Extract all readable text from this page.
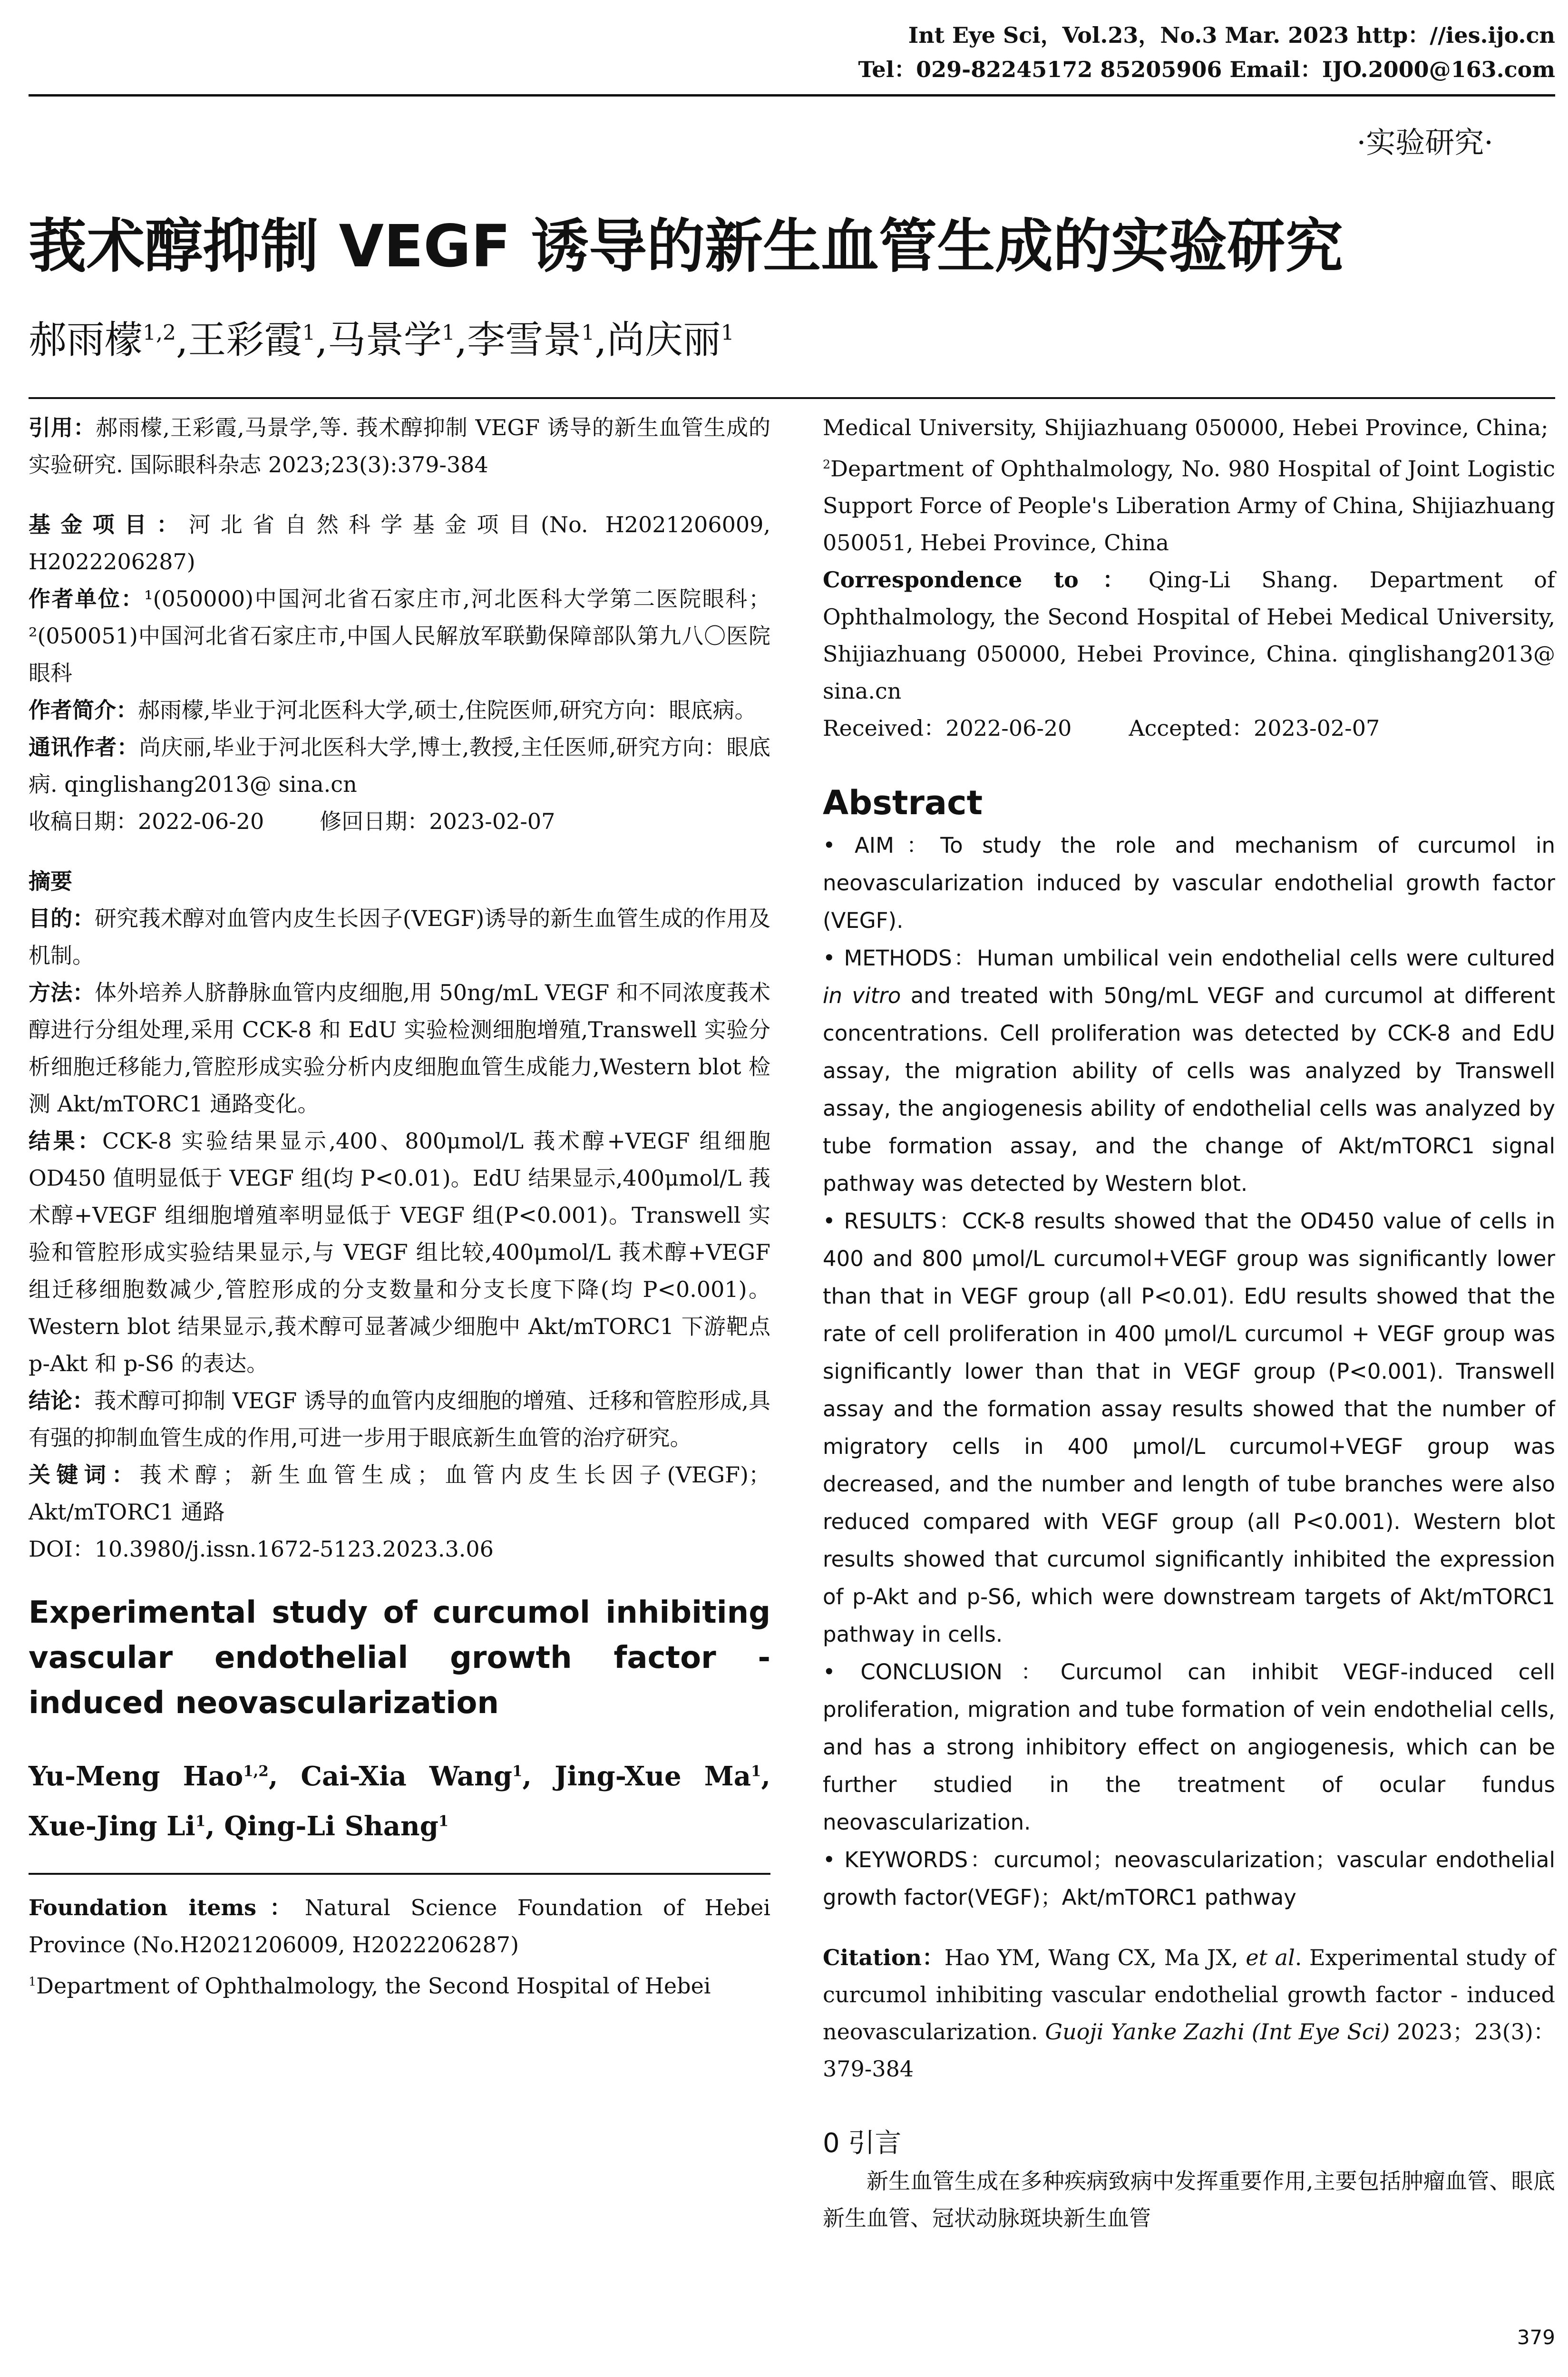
Int Eye Sci，Vol.23，No.3 Mar. 2023 http：//ies.ijo.cn
Tel：029-82245172 85205906 Email：IJO.2000@163.com
·实验研究·
莪术醇抑制 VEGF 诱导的新生血管生成的实验研究
郝雨檬$^{1,2}$,王彩霞$^1$,马景学$^1$,李雪景$^1$,尚庆丽$^1$

引用：郝雨檬,王彩霞,马景学,等. 莪术醇抑制 VEGF 诱导的新生血管生成的实验研究. 国际眼科杂志 2023;23(3):379-384

基金项目：河北省自然科学基金项目(No. H2021206009, H2022206287)

作者单位：¹(050000)中国河北省石家庄市,河北医科大学第二医院眼科；²(050051)中国河北省石家庄市,中国人民解放军联勤保障部队第九八〇医院眼科

作者简介：郝雨檬,毕业于河北医科大学,硕士,住院医师,研究方向：眼底病。

通讯作者：尚庆丽,毕业于河北医科大学,博士,教授,主任医师,研究方向：眼底病. qinglishang2013@ sina.cn

收稿日期：2022-06-20	修回日期：2023-02-07

摘要

目的：研究莪术醇对血管内皮生长因子(VEGF)诱导的新生血管生成的作用及机制。

方法：体外培养人脐静脉血管内皮细胞,用 50ng/mL VEGF 和不同浓度莪术醇进行分组处理,采用 CCK-8 和 EdU 实验检测细胞增殖,Transwell 实验分析细胞迁移能力,管腔形成实验分析内皮细胞血管生成能力,Western blot 检测 Akt/mTORC1 通路变化。

结果：CCK-8 实验结果显示,400、800μmol/L 莪术醇+VEGF 组细胞 OD450 值明显低于 VEGF 组(均 P<0.01)。EdU 结果显示,400μmol/L 莪术醇+VEGF 组细胞增殖率明显低于 VEGF 组(P<0.001)。Transwell 实验和管腔形成实验结果显示,与 VEGF 组比较,400μmol/L 莪术醇+VEGF 组迁移细胞数减少,管腔形成的分支数量和分支长度下降(均 P<0.001)。Western blot 结果显示,莪术醇可显著减少细胞中 Akt/mTORC1 下游靶点 p-Akt 和 p-S6 的表达。

结论：莪术醇可抑制 VEGF 诱导的血管内皮细胞的增殖、迁移和管腔形成,具有强的抑制血管生成的作用,可进一步用于眼底新生血管的治疗研究。

关键词：莪术醇；新生血管生成；血管内皮生长因子(VEGF)；Akt/mTORC1 通路

DOI：10.3980/j.issn.1672-5123.2023.3.06

Experimental study of curcumol inhibiting vascular endothelial growth factor - induced neovascularization

Yu-Meng Hao$^{1,2}$, Cai-Xia Wang$^1$, Jing-Xue Ma$^1$, Xue-Jing Li$^1$, Qing-Li Shang$^1$

Foundation items：Natural Science Foundation of Hebei Province (No.H2021206009, H2022206287)

$^1$Department of Ophthalmology, the Second Hospital of Hebei

Medical University, Shijiazhuang 050000, Hebei Province, China;

$^2$Department of Ophthalmology, No. 980 Hospital of Joint Logistic Support Force of People's Liberation Army of China, Shijiazhuang 050051, Hebei Province, China

Correspondence to：Qing-Li Shang. Department of Ophthalmology, the Second Hospital of Hebei Medical University, Shijiazhuang 050000, Hebei Province, China. qinglishang2013@ sina.cn

Received：2022-06-20	Accepted：2023-02-07

Abstract

• AIM：To study the role and mechanism of curcumol in neovascularization induced by vascular endothelial growth factor (VEGF).

• METHODS：Human umbilical vein endothelial cells were cultured in vitro and treated with 50ng/mL VEGF and curcumol at different concentrations. Cell proliferation was detected by CCK-8 and EdU assay, the migration ability of cells was analyzed by Transwell assay, the angiogenesis ability of endothelial cells was analyzed by tube formation assay, and the change of Akt/mTORC1 signal pathway was detected by Western blot.

• RESULTS：CCK-8 results showed that the OD450 value of cells in 400 and 800 μmol/L curcumol+VEGF group was significantly lower than that in VEGF group (all P<0.01). EdU results showed that the rate of cell proliferation in 400 μmol/L curcumol + VEGF group was significantly lower than that in VEGF group (P<0.001). Transwell assay and the formation assay results showed that the number of migratory cells in 400 μmol/L curcumol+VEGF group was decreased, and the number and length of tube branches were also reduced compared with VEGF group (all P<0.001). Western blot results showed that curcumol significantly inhibited the expression of p-Akt and p-S6, which were downstream targets of Akt/mTORC1 pathway in cells.

• CONCLUSION：Curcumol can inhibit VEGF-induced cell proliferation, migration and tube formation of vein endothelial cells, and has a strong inhibitory effect on angiogenesis, which can be further studied in the treatment of ocular fundus neovascularization.

• KEYWORDS：curcumol；neovascularization；vascular endothelial growth factor(VEGF)；Akt/mTORC1 pathway

Citation：Hao YM, Wang CX, Ma JX, et al. Experimental study of curcumol inhibiting vascular endothelial growth factor - induced neovascularization. Guoji Yanke Zazhi (Int Eye Sci) 2023；23(3)：379-384

0 引言

新生血管生成在多种疾病致病中发挥重要作用,主要包括肿瘤血管、眼底新生血管、冠状动脉斑块新生血管

379
